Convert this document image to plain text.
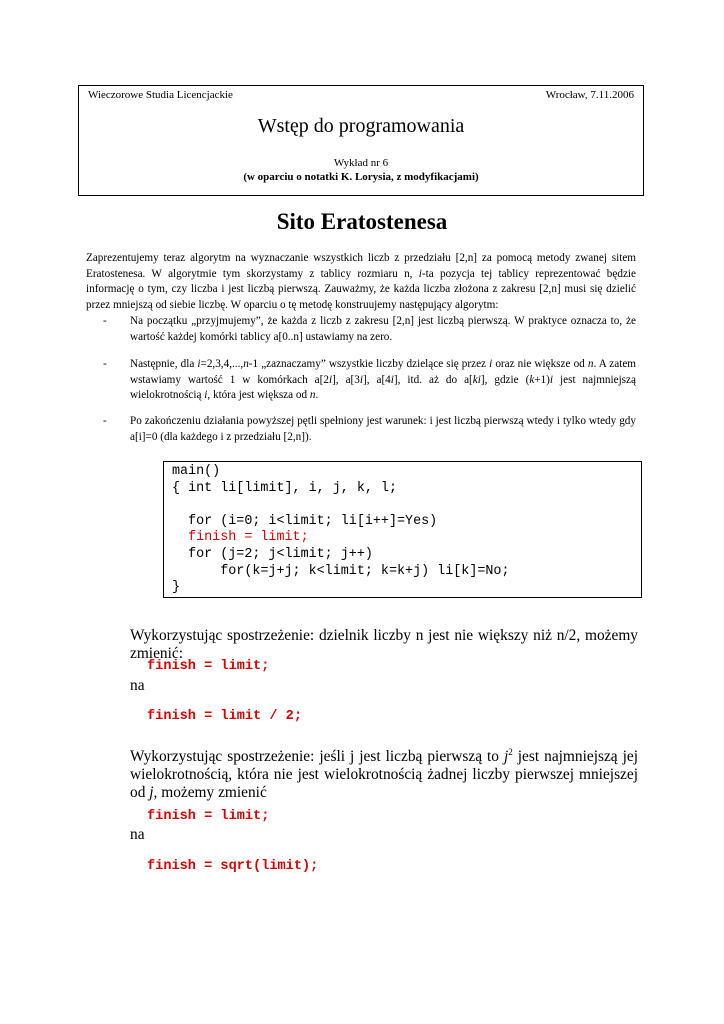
Wieczorowe Studia Licencjackie	Wrocław, 7.11.2006
Wstęp do programowania
Wykład nr 6
(w oparciu o notatki K. Lorysia, z modyfikacjami)
Sito Eratostenesa

Zaprezentujemy teraz algorytm na wyznaczanie wszystkich liczb z przedziału [2,n] za pomocą metody zwanej sitem Eratostenesa. W algorytmie tym skorzystamy z tablicy rozmiaru n, i-ta pozycja tej tablicy reprezentować będzie informację o tym, czy liczba i jest liczbą pierwszą. Zauważmy, że każda liczba złożona z zakresu [2,n] musi się dzielić przez mniejszą od siebie liczbę. W oparciu o tę metodę konstruujemy następujący algorytm:

- Na początku „przyjmujemy”, że każda z liczb z zakresu [2,n] jest liczbą pierwszą. W praktyce oznacza to, że wartość każdej komórki tablicy a[0..n] ustawiamy na zero.
- Następnie, dla i=2,3,4,...,n-1 „zaznaczamy” wszystkie liczby dzielące się przez i oraz nie większe od n. A zatem wstawiamy wartość 1 w komórkach a[2i], a[3i], a[4i], itd. aż do a[ki], gdzie (k+1)i jest najmniejszą wielokrotnością i, która jest większa od n.
- Po zakończeniu działania powyższej pętli spełniony jest warunek: i jest liczbą pierwszą wtedy i tylko wtedy gdy a[i]=0 (dla każdego i z przedziału [2,n]).
main()
{ int li[limit], i, j, k, l;

for (i=0; i<limit; li[i++]=Yes)
finish = limit;
for (j=2; j<limit; j++)
for(k=j+j; k<limit; k=k+j) li[k]=No;
}
Wykorzystując spostrzeżenie: dzielnik liczby n jest nie większy niż n/2, możemy zmienić:
finish = limit;
na
finish = limit / 2;
Wykorzystując spostrzeżenie: jeśli j jest liczbą pierwszą to $j^2$ jest najmniejszą jej wielokrotnością, która nie jest wielokrotnością żadnej liczby pierwszej mniejszej od j, możemy zmienić
finish = limit;
na
finish = sqrt(limit);
